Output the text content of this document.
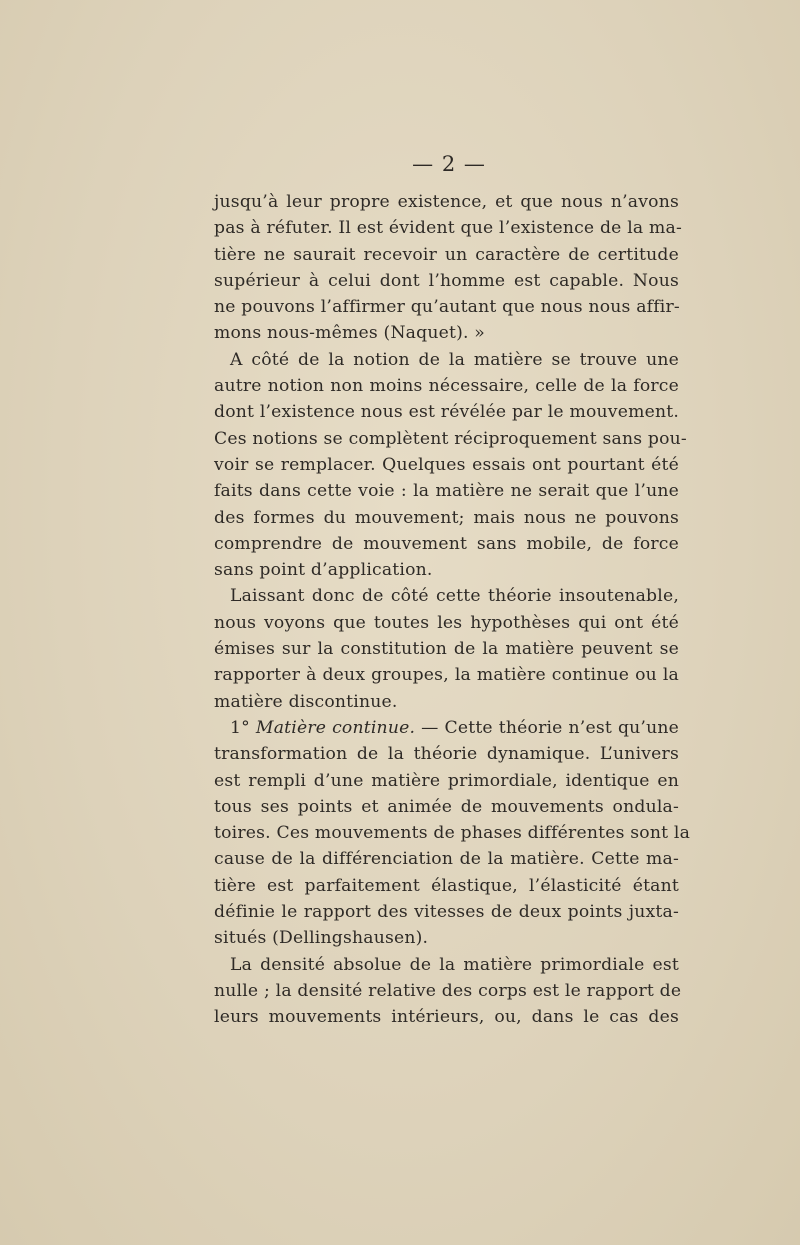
— 2 —
jusqu’à leur propre existence, et que nous n’avons
pas à réfuter. Il est évident que l’existence de la ma-
tière ne saurait recevoir un caractère de certitude
supérieur à celui dont l’homme est capable. Nous
ne pouvons l’affirmer qu’autant que nous nous affir-
mons nous-mêmes (Naquet). »
A côté de la notion de la matière se trouve une
autre notion non moins nécessaire, celle de la force
dont l’existence nous est révélée par le mouvement.
Ces notions se complètent réciproquement sans pou-
voir se remplacer. Quelques essais ont pourtant été
faits dans cette voie : la matière ne serait que l’une
des formes du mouvement; mais nous ne pouvons
comprendre de mouvement sans mobile, de force
sans point d’application.
Laissant donc de côté cette théorie insoutenable,
nous voyons que toutes les hypothèses qui ont été
émises sur la constitution de la matière peuvent se
rapporter à deux groupes, la matière continue ou la
matière discontinue.
1° Matière continue. — Cette théorie n’est qu’une
transformation de la théorie dynamique. L’univers
est rempli d’une matière primordiale, identique en
tous ses points et animée de mouvements ondula-
toires. Ces mouvements de phases différentes sont la
cause de la différenciation de la matière. Cette ma-
tière est parfaitement élastique, l’élasticité étant
définie le rapport des vitesses de deux points juxta-
situés (Dellingshausen).
La densité absolue de la matière primordiale est
nulle ; la densité relative des corps est le rapport de
leurs mouvements intérieurs, ou, dans le cas des
